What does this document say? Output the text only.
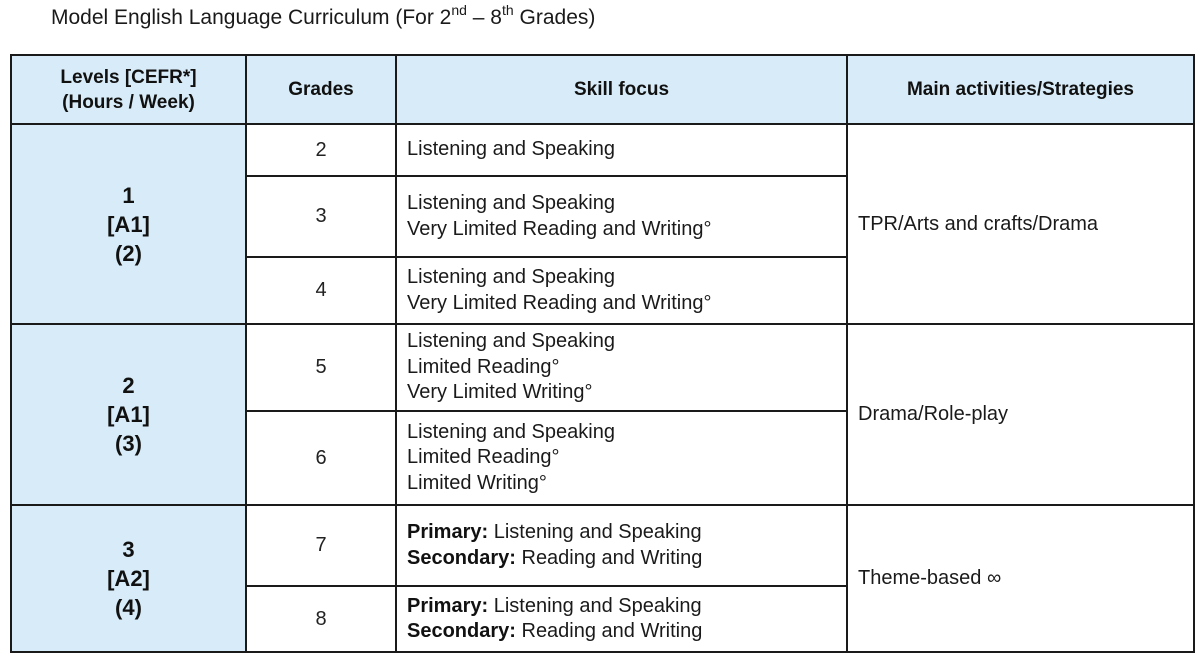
Model English Language Curriculum (For 2nd – 8th Grades)
Levels [CEFR*]
(Hours / Week)	Grades	Skill focus	Main activities/Strategies

1
[A1]
(2)	2	Listening and Speaking	TPR/Arts and crafts/Drama
	3	Listening and Speaking
Very Limited Reading and Writing°	

	4	Listening and Speaking
Very Limited Reading and Writing°	

2
[A1]
(3)	5	Listening and Speaking
Limited Reading°
Very Limited Writing°	Drama/Role-play
	6	Listening and Speaking
Limited Reading°
Limited Writing°	

3
[A2]
(4)	7	Primary: Listening and Speaking
Secondary: Reading and Writing	Theme-based ∞
	8	Primary: Listening and Speaking
Secondary: Reading and Writing	
